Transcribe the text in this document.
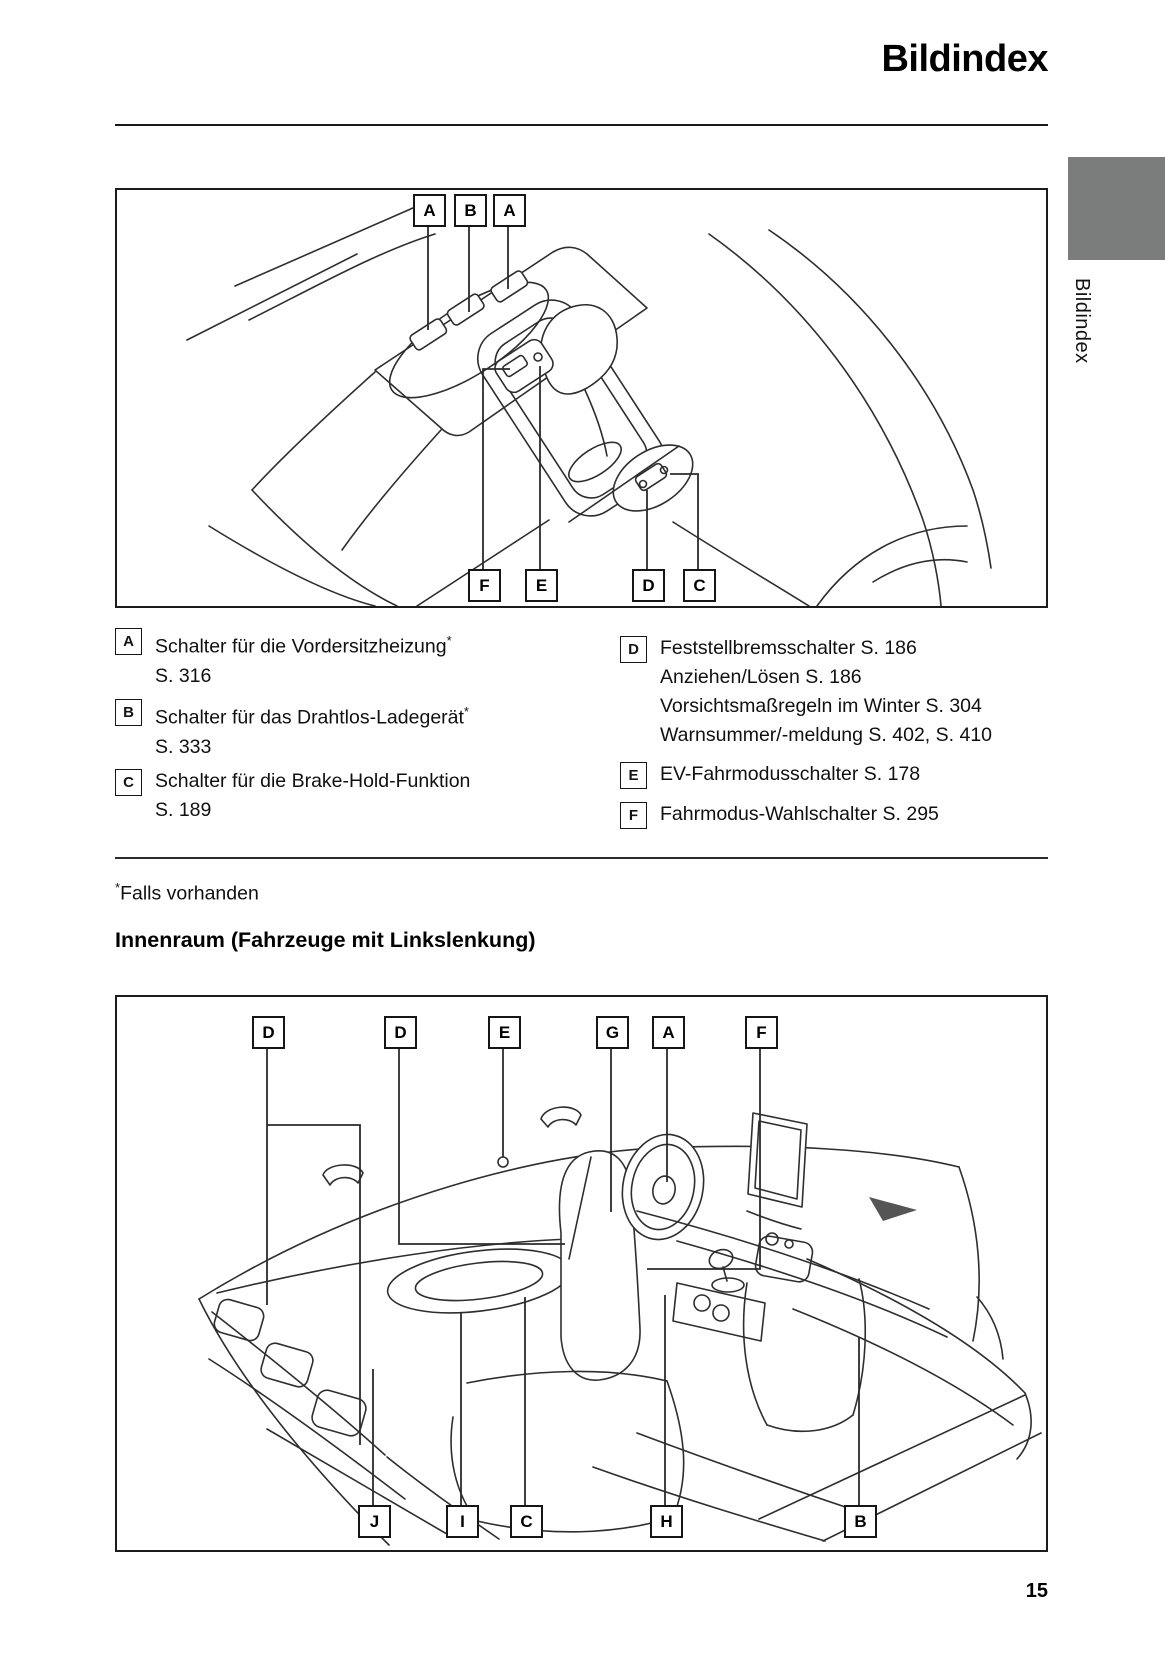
Bildindex
Bildindex
A	B	A
F	E	D	C
A	Schalter für die Vordersitzheizung*
S. 316
B	Schalter für das Drahtlos-Ladegerät*
S. 333
C	Schalter für die Brake-Hold-Funktion
S. 189
D	Feststellbremsschalter S. 186
Anziehen/Lösen S. 186
Vorsichtsmaßregeln im Winter S. 304
Warnsummer/-meldung S. 402, S. 410
E	EV-Fahrmodusschalter S. 178
F	Fahrmodus-Wahlschalter S. 295
*Falls vorhanden
Innenraum (Fahrzeuge mit Linkslenkung)
D	D	E	G	A	F
J	I	C	H	B
15
